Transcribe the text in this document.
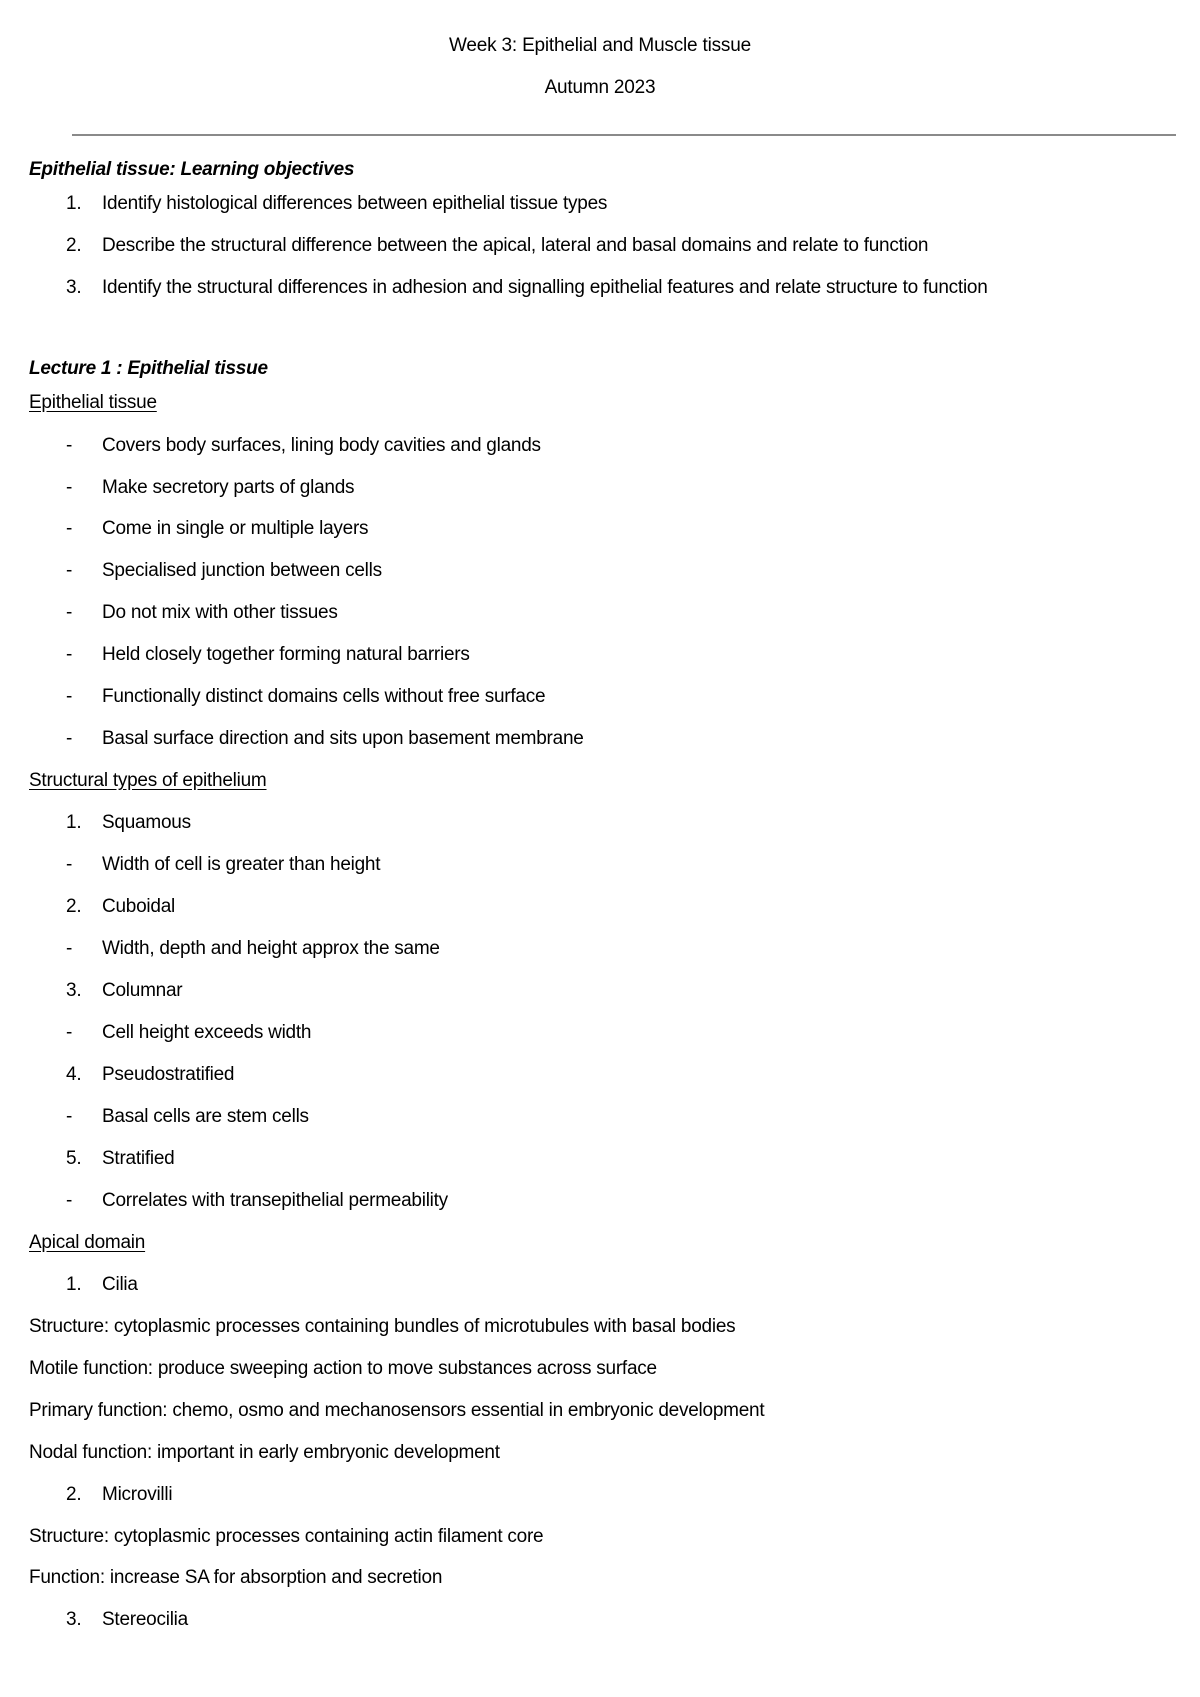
Week 3: Epithelial and Muscle tissue
Autumn 2023
Epithelial tissue: Learning objectives
1.	Identify histological differences between epithelial tissue types
2.	Describe the structural difference between the apical, lateral and basal domains and relate to function
3.	Identify the structural differences in adhesion and signalling epithelial features and relate structure to function
Lecture 1 : Epithelial tissue
Epithelial tissue
-	Covers body surfaces, lining body cavities and glands
-	Make secretory parts of glands
-	Come in single or multiple layers
-	Specialised junction between cells
-	Do not mix with other tissues
-	Held closely together forming natural barriers
-	Functionally distinct domains cells without free surface
-	Basal surface direction and sits upon basement membrane
Structural types of epithelium
1.	Squamous
-	Width of cell is greater than height
2.	Cuboidal
-	Width, depth and height approx the same
3.	Columnar
-	Cell height exceeds width
4.	Pseudostratified
-	Basal cells are stem cells
5.	Stratified
-	Correlates with transepithelial permeability
Apical domain
1.	Cilia
Structure: cytoplasmic processes containing bundles of microtubules with basal bodies
Motile function: produce sweeping action to move substances across surface
Primary function: chemo, osmo and mechanosensors essential in embryonic development
Nodal function: important in early embryonic development
2.	Microvilli
Structure: cytoplasmic processes containing actin filament core
Function: increase SA for absorption and secretion
3.	Stereocilia
